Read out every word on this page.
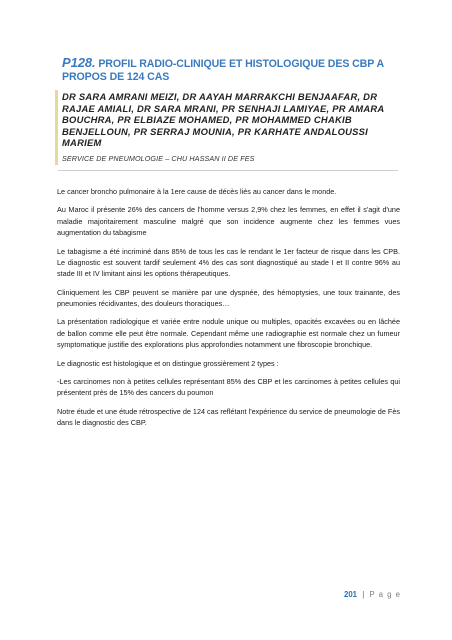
P128. PROFIL RADIO-CLINIQUE ET HISTOLOGIQUE DES CBP A PROPOS DE 124 CAS
DR SARA AMRANI MEIZI, DR AAYAH MARRAKCHI BENJAAFAR, DR RAJAE AMIALI, DR SARA MRANI, PR SENHAJI LAMIYAE, PR AMARA BOUCHRA, PR ELBIAZE MOHAMED, PR MOHAMMED CHAKIB BENJELLOUN, PR SERRAJ MOUNIA, PR KARHATE ANDALOUSSI MARIEM
SERVICE DE PNEUMOLOGIE – CHU HASSAN II DE FES

Le cancer broncho pulmonaire à la 1ere cause de décès liés au cancer dans le monde.

Au Maroc il présente 26% des cancers de l'homme versus 2,9% chez les femmes, en effet il s'agit d'une maladie majoritairement masculine malgré que son incidence augmente chez les femmes vues augmentation du tabagisme

Le tabagisme a été incriminé dans 85% de tous les cas le rendant le 1er facteur de risque dans les CPB. Le diagnostic est souvent tardif seulement 4% des cas sont diagnostiqué au stade I et II contre 96% au stade III et IV limitant ainsi les options thérapeutiques.

Cliniquement les CBP peuvent se manière par une dyspnée, des hémoptysies, une toux trainante, des pneumonies récidivantes, des douleurs thoraciques…

La présentation radiologique et variée entre nodule unique ou multiples, opacités excavées ou en lâchée de ballon comme elle peut être normale. Cependant même une radiographie est normale chez un fumeur symptomatique justifie des explorations plus approfondies notamment une fibroscopie bronchique.

Le diagnostic est histologique et on distingue grossièrement 2 types :

-Les carcinomes non à petites cellules représentant 85% des CBP et les carcinomes à petites cellules qui présentent près de 15% des cancers du poumon

Notre étude et une étude rétrospective de 124 cas reflétant l'expérience du service de pneumologie de Fès dans le diagnostic des CBP.

201 | P a g e
